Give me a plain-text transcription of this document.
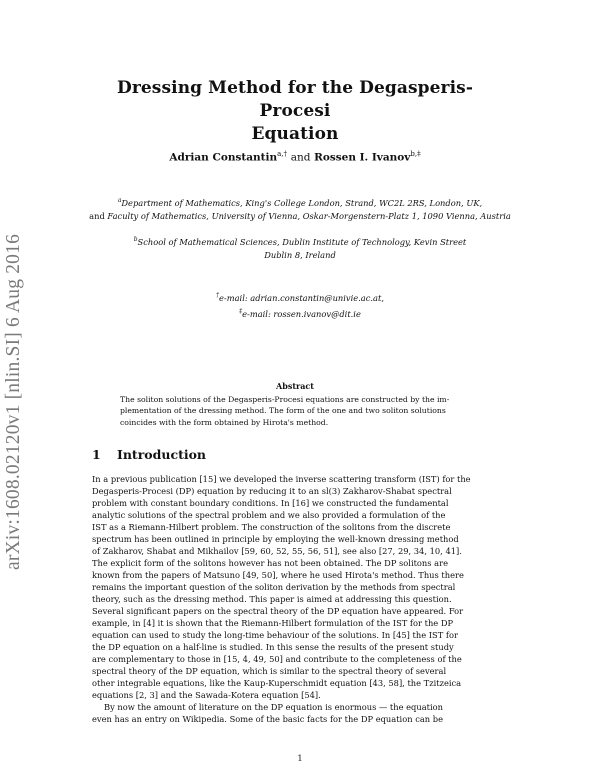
arXiv:1608.02120v1 [nlin.SI] 6 Aug 2016
Dressing Method for the Degasperis-Procesi
Equation
Adrian Constantin$^{a,\dagger}$ and Rossen I. Ivanov$^{b,\ddagger}$
$^a$Department of Mathematics, King's College London, Strand, WC2L 2RS, London, UK,
and Faculty of Mathematics, University of Vienna, Oskar-Morgenstern-Platz 1, 1090 Vienna, Austria
$^b$School of Mathematical Sciences, Dublin Institute of Technology, Kevin Street
Dublin 8, Ireland
†e-mail: adrian.constantin@univie.ac.at,
‡e-mail: rossen.ivanov@dit.ie
Abstract
The soliton solutions of the Degasperis-Procesi equations are constructed by the im-
plementation of the dressing method. The form of the one and two soliton solutions
coincides with the form obtained by Hirota's method.
1 Introduction
In a previous publication [15] we developed the inverse scattering transform (IST) for the
Degasperis-Procesi (DP) equation by reducing it to an sl(3) Zakharov-Shabat spectral
problem with constant boundary conditions. In [16] we constructed the fundamental
analytic solutions of the spectral problem and we also provided a formulation of the
IST as a Riemann-Hilbert problem. The construction of the solitons from the discrete
spectrum has been outlined in principle by employing the well-known dressing method
of Zakharov, Shabat and Mikhailov [59, 60, 52, 55, 56, 51], see also [27, 29, 34, 10, 41].
The explicit form of the solitons however has not been obtained. The DP solitons are
known from the papers of Matsuno [49, 50], where he used Hirota's method. Thus there
remains the important question of the soliton derivation by the methods from spectral
theory, such as the dressing method. This paper is aimed at addressing this question.
Several significant papers on the spectral theory of the DP equation have appeared. For
example, in [4] it is shown that the Riemann-Hilbert formulation of the IST for the DP
equation can used to study the long-time behaviour of the solutions. In [45] the IST for
the DP equation on a half-line is studied. In this sense the results of the present study
are complementary to those in [15, 4, 49, 50] and contribute to the completeness of the
spectral theory of the DP equation, which is similar to the spectral theory of several
other integrable equations, like the Kaup-Kuperschmidt equation [43, 58], the Tzitzeica
equations [2, 3] and the Sawada-Kotera equation [54].
By now the amount of literature on the DP equation is enormous — the equation
even has an entry on Wikipedia. Some of the basic facts for the DP equation can be
1
